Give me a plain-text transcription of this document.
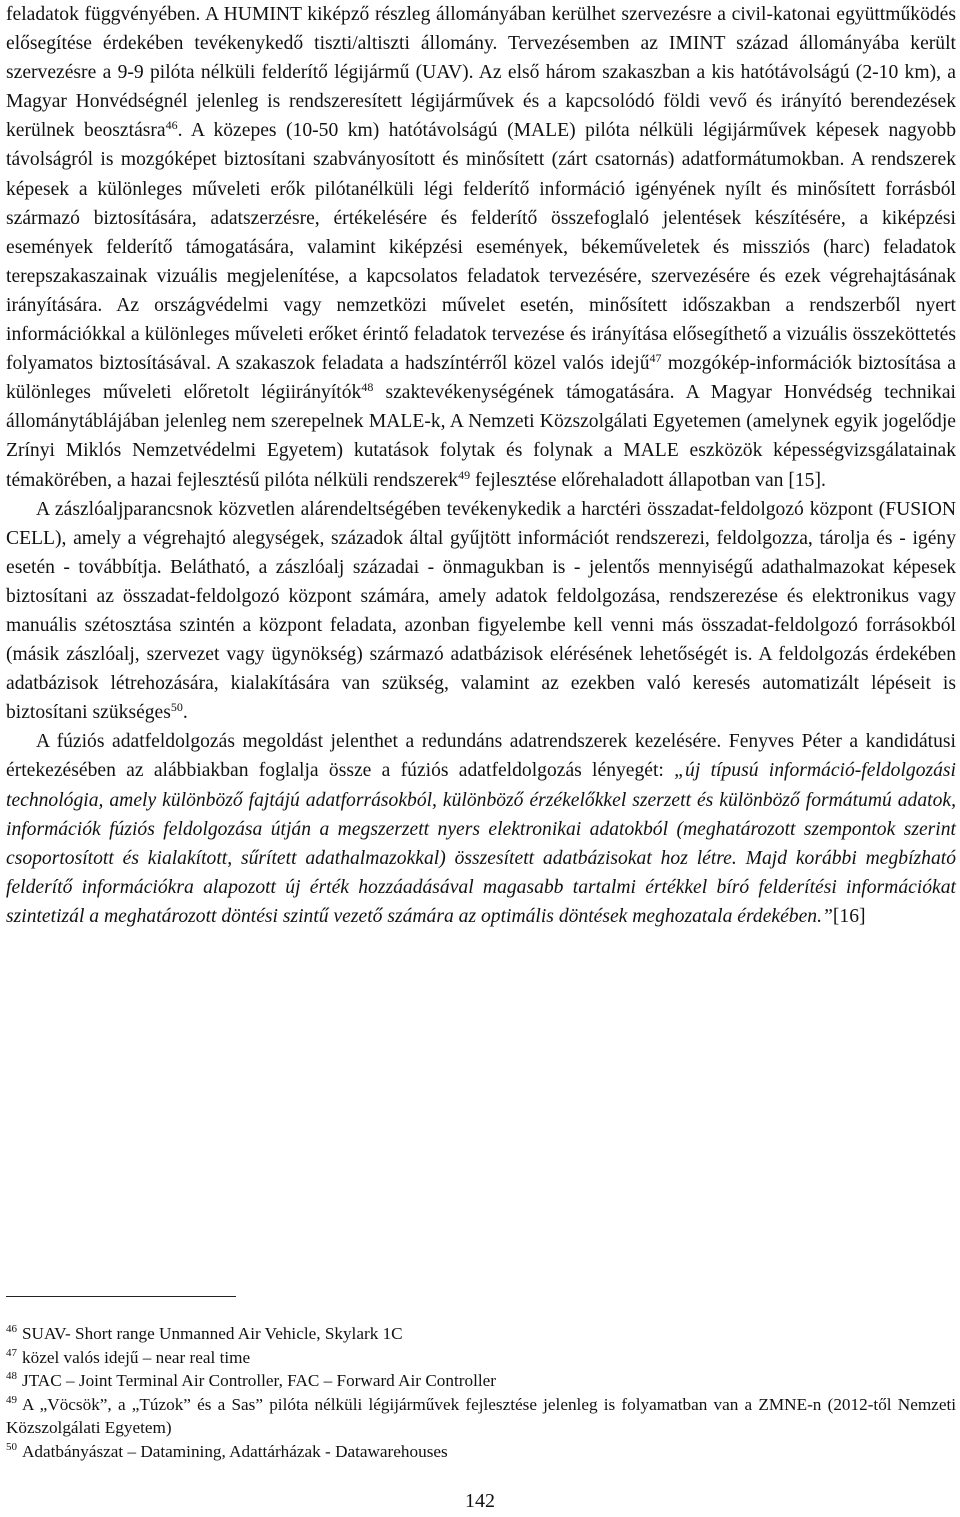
feladatok függvényében. A HUMINT kiképző részleg állományában kerülhet szervezésre a civil-katonai együttműködés elősegítése érdekében tevékenykedő tiszti/altiszti állomány. Tervezésemben az IMINT század állományába került szervezésre a 9-9 pilóta nélküli felderítő légijármű (UAV). Az első három szakaszban a kis hatótávolságú (2-10 km), a Magyar Honvédségnél jelenleg is rendszeresített légijárművek és a kapcsolódó földi vevő és irányító berendezések kerülnek beosztásra$^{46}$. A közepes (10-50 km) hatótávolságú (MALE) pilóta nélküli légijárművek képesek nagyobb távolságról is mozgóképet biztosítani szabványosított és minősített (zárt csatornás) adatformátumokban. A rendszerek képesek a különleges műveleti erők pilótanélküli légi felderítő információ igényének nyílt és minősített forrásból származó biztosítására, adatszerzésre, értékelésére és felderítő összefoglaló jelentések készítésére, a kiképzési események felderítő támogatására, valamint kiképzési események, békeműveletek és missziós (harc) feladatok terepszakaszainak vizuális megjelenítése, a kapcsolatos feladatok tervezésére, szervezésére és ezek végrehajtásának irányítására. Az országvédelmi vagy nemzetközi művelet esetén, minősített időszakban a rendszerből nyert információkkal a különleges műveleti erőket érintő feladatok tervezése és irányítása elősegíthető a vizuális összeköttetés folyamatos biztosításával. A szakaszok feladata a hadszíntérről közel valós idejű$^{47}$ mozgókép-információk biztosítása a különleges műveleti előretolt légiirányítók$^{48}$ szaktevékenységének támogatására. A Magyar Honvédség technikai állománytáblájában jelenleg nem szerepelnek MALE-k, A Nemzeti Közszolgálati Egyetemen (amelynek egyik jogelődje Zrínyi Miklós Nemzetvédelmi Egyetem) kutatások folytak és folynak a MALE eszközök képességvizsgálatainak témakörében, a hazai fejlesztésű pilóta nélküli rendszerek$^{49}$ fejlesztése előrehaladott állapotban van [15].

A zászlóaljparancsnok közvetlen alárendeltségében tevékenykedik a harctéri összadat-feldolgozó központ (FUSION CELL), amely a végrehajtó alegységek, századok által gyűjtött információt rendszerezi, feldolgozza, tárolja és - igény esetén - továbbítja. Belátható, a zászlóalj századai - önmagukban is - jelentős mennyiségű adathalmazokat képesek biztosítani az összadat-feldolgozó központ számára, amely adatok feldolgozása, rendszerezése és elektronikus vagy manuális szétosztása szintén a központ feladata, azonban figyelembe kell venni más összadat-feldolgozó forrásokból (másik zászlóalj, szervezet vagy ügynökség) származó adatbázisok elérésének lehetőségét is. A feldolgozás érdekében adatbázisok létrehozására, kialakítására van szükség, valamint az ezekben való keresés automatizált lépéseit is biztosítani szükséges$^{50}$.

A fúziós adatfeldolgozás megoldást jelenthet a redundáns adatrendszerek kezelésére. Fenyves Péter a kandidátusi értekezésében az alábbiakban foglalja össze a fúziós adatfeldolgozás lényegét: „új típusú információ-feldolgozási technológia, amely különböző fajtájú adatforrásokból, különböző érzékelőkkel szerzett és különböző formátumú adatok, információk fúziós feldolgozása útján a megszerzett nyers elektronikai adatokból (meghatározott szempontok szerint csoportosított és kialakított, sűrített adathalmazokkal) összesített adatbázisokat hoz létre. Majd korábbi megbízható felderítő információkra alapozott új érték hozzáadásával magasabb tartalmi értékkel bíró felderítési információkat szintetizál a meghatározott döntési szintű vezető számára az optimális döntések meghozatala érdekében.”[16]

$^{46}$ SUAV- Short range Unmanned Air Vehicle, Skylark 1C
$^{47}$ közel valós idejű – near real time
$^{48}$ JTAC – Joint Terminal Air Controller, FAC – Forward Air Controller
$^{49}$ A „Vöcsök”, a „Túzok” és a Sas” pilóta nélküli légijárművek fejlesztése jelenleg is folyamatban van a ZMNE-n (2012-től Nemzeti Közszolgálati Egyetem)
$^{50}$ Adatbányászat – Datamining, Adattárházak - Datawarehouses
142
